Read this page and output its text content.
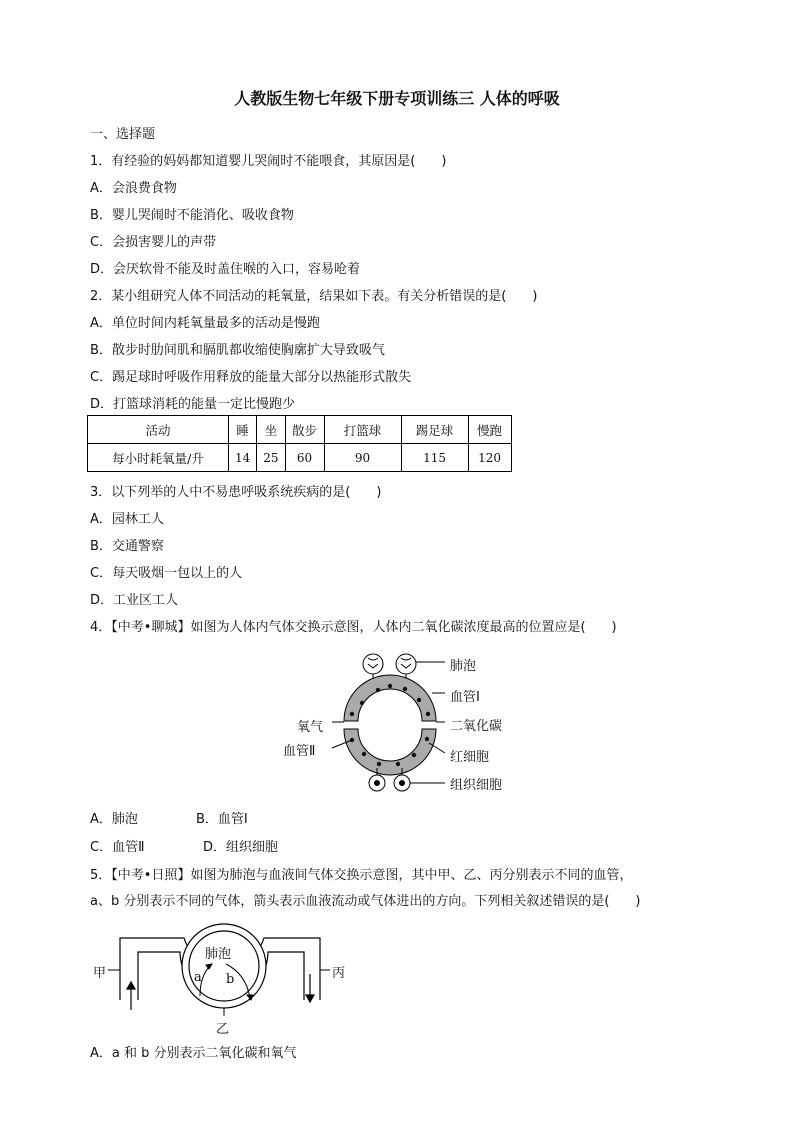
人教版生物七年级下册专项训练三 人体的呼吸
一、选择题
1．有经验的妈妈都知道婴儿哭闹时不能喂食，其原因是(　　)
A．会浪费食物
B．婴儿哭闹时不能消化、吸收食物
C．会损害婴儿的声带
D．会厌软骨不能及时盖住喉的入口，容易呛着
2．某小组研究人体不同活动的耗氧量，结果如下表。有关分析错误的是(　　)
A．单位时间内耗氧量最多的活动是慢跑
B．散步时肋间肌和膈肌都收缩使胸廓扩大导致吸气
C．踢足球时呼吸作用释放的能量大部分以热能形式散失
D．打篮球消耗的能量一定比慢跑少
活动	睡	坐	散步	打篮球	踢足球	慢跑
每小时耗氧量/升	14	25	60	90	115	120
3．以下列举的人中不易患呼吸系统疾病的是(　　)
A．园林工人
B．交通警察
C．每天吸烟一包以上的人
D．工业区工人
4．【中考•聊城】如图为人体内气体交换示意图，人体内二氧化碳浓度最高的位置应是(　　)
肺泡
血管Ⅰ
二氧化碳
氧气
血管Ⅱ	红细胞
组织细胞
A．肺泡	B．血管Ⅰ
C．血管Ⅱ	D．组织细胞
5．【中考•日照】如图为肺泡与血液间气体交换示意图，其中甲、乙、丙分别表示不同的血管，
a、b 分别表示不同的气体，箭头表示血液流动或气体进出的方向。下列相关叙述错误的是(　　)
肺泡
a b
甲	丙
乙
A．a 和 b 分别表示二氧化碳和氧气
